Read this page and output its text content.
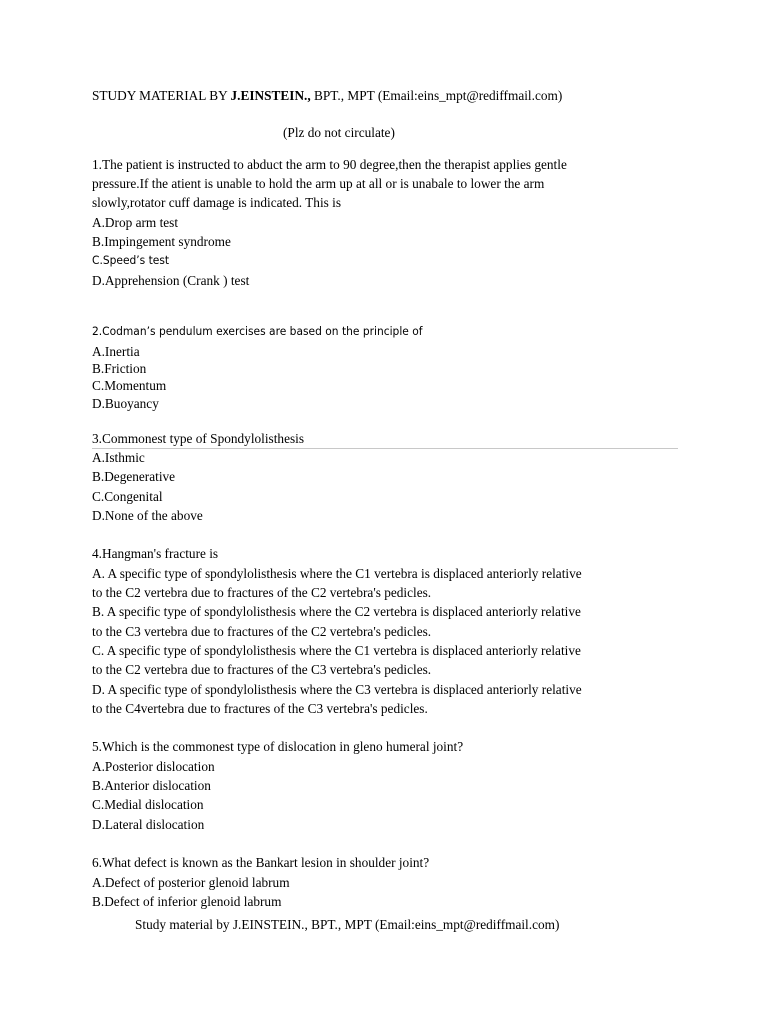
STUDY MATERIAL BY J.EINSTEIN., BPT., MPT (Email:eins_mpt@rediffmail.com)
(Plz do not circulate)
1.The patient is instructed to abduct the arm to 90 degree,then the therapist applies gentle
pressure.If the atient is unable to hold the arm up at all or is unabale to lower the arm
slowly,rotator cuff damage is indicated. This is
A.Drop arm test
B.Impingement syndrome
C.Speed’s test
D.Apprehension (Crank ) test
2.Codman’s pendulum exercises are based on the principle of
A.Inertia
B.Friction
C.Momentum
D.Buoyancy
3.Commonest type of Spondylolisthesis
A.Isthmic
B.Degenerative
C.Congenital
D.None of the above
4.Hangman's fracture is
A. A specific type of spondylolisthesis where the C1 vertebra is displaced anteriorly relative
to the C2 vertebra due to fractures of the C2 vertebra's pedicles.
B. A specific type of spondylolisthesis where the C2 vertebra is displaced anteriorly relative
to the C3 vertebra due to fractures of the C2 vertebra's pedicles.
C. A specific type of spondylolisthesis where the C1 vertebra is displaced anteriorly relative
to the C2 vertebra due to fractures of the C3 vertebra's pedicles.
D. A specific type of spondylolisthesis where the C3 vertebra is displaced anteriorly relative
to the C4vertebra due to fractures of the C3 vertebra's pedicles.
5.Which is the commonest type of dislocation in gleno humeral joint?
A.Posterior dislocation
B.Anterior dislocation
C.Medial dislocation
D.Lateral dislocation
6.What defect is known as the Bankart lesion in shoulder joint?
A.Defect of posterior glenoid labrum
B.Defect of inferior glenoid labrum
Study material by J.EINSTEIN., BPT., MPT (Email:eins_mpt@rediffmail.com)
